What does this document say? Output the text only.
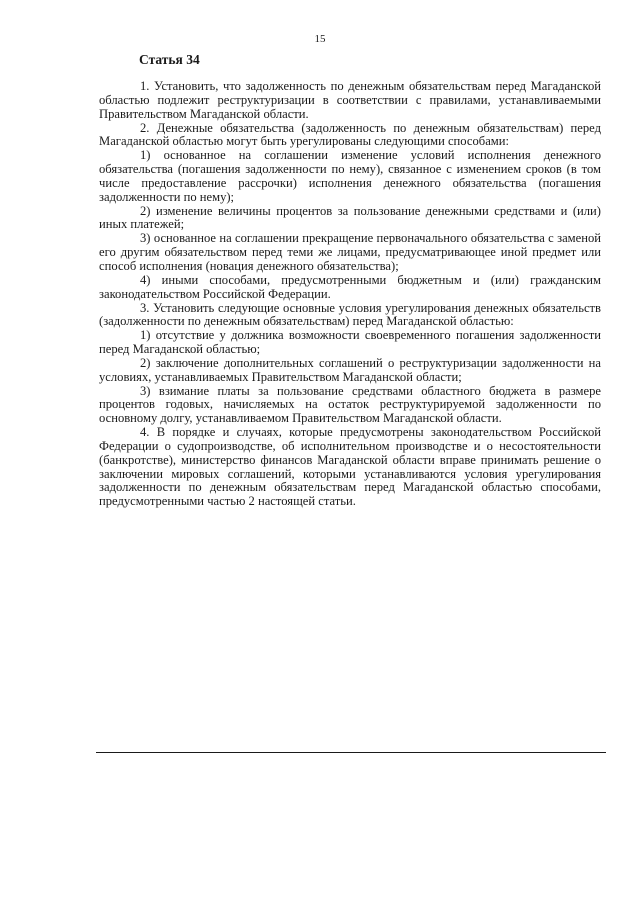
15
Статья 34

1. Установить, что задолженность по денежным обязательствам перед Магаданской областью подлежит реструктуризации в соответствии с правилами, устанавливаемыми Правительством Магаданской области.

2. Денежные обязательства (задолженность по денежным обязательствам) перед Магаданской областью могут быть урегулированы следующими способами:

1) основанное на соглашении изменение условий исполнения денежного обязательства (погашения задолженности по нему), связанное с изменением сроков (в том числе предоставление рассрочки) исполнения денежного обязательства (погашения задолженности по нему);

2) изменение величины процентов за пользование денежными средствами и (или) иных платежей;

3) основанное на соглашении прекращение первоначального обязательства с заменой его другим обязательством перед теми же лицами, предусматривающее иной предмет или способ исполнения (новация денежного обязательства);

4) иными способами, предусмотренными бюджетным и (или) гражданским законодательством Российской Федерации.

3. Установить следующие основные условия урегулирования денежных обязательств (задолженности по денежным обязательствам) перед Магаданской областью:

1) отсутствие у должника возможности своевременного погашения задолженности перед Магаданской областью;

2) заключение дополнительных соглашений о реструктуризации задолженности на условиях, устанавливаемых Правительством Магаданской области;

3) взимание платы за пользование средствами областного бюджета в размере процентов годовых, начисляемых на остаток реструктурируемой задолженности по основному долгу, устанавливаемом Правительством Магаданской области.

4. В порядке и случаях, которые предусмотрены законодательством Российской Федерации о судопроизводстве, об исполнительном производстве и о несостоятельности (банкротстве), министерство финансов Магаданской области вправе принимать решение о заключении мировых соглашений, которыми устанавливаются условия урегулирования задолженности по денежным обязательствам перед Магаданской областью способами, предусмотренными частью 2 настоящей статьи.
